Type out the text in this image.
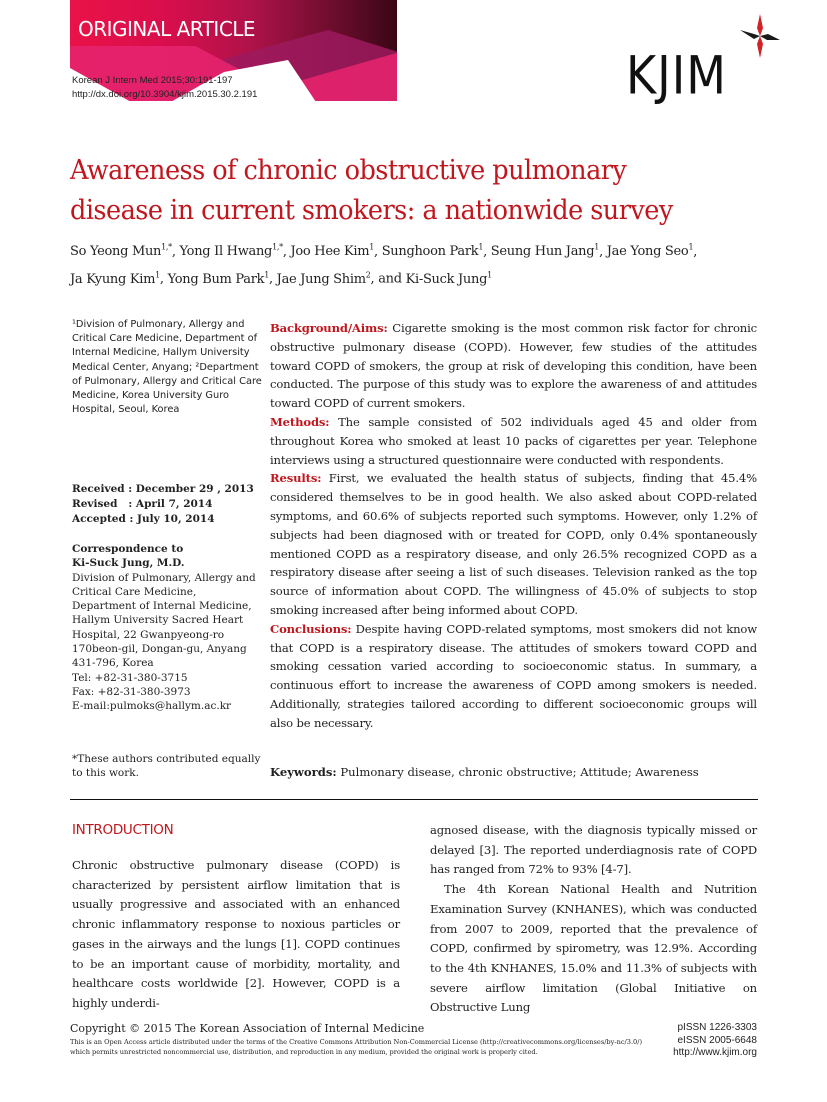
ORIGINAL ARTICLE
Korean J Intern Med 2015;30:191-197
http://dx.doi.org/10.3904/kjim.2015.30.2.191	KJIM
Awareness of chronic obstructive pulmonary
disease in current smokers: a nationwide survey
So Yeong Mun$^{1,*}$, Yong Il Hwang$^{1,*}$, Joo Hee Kim$^1$, Sunghoon Park$^1$, Seung Hun Jang$^1$, Jae Yong Seo$^1$,
Ja Kyung Kim$^1$, Yong Bum Park$^1$, Jae Jung Shim$^2$, and Ki-Suck Jung$^1$
¹Division of Pulmonary, Allergy and Critical Care Medicine, Department of Internal Medicine, Hallym University Medical Center, Anyang; ²Department of Pulmonary, Allergy and Critical Care Medicine, Korea University Guro Hospital, Seoul, Korea
Received : December 29 , 2013
Revised   : April 7, 2014
Accepted : July 10, 2014
Correspondence to
Ki-Suck Jung, M.D.
Division of Pulmonary, Allergy and Critical Care Medicine, Department of Internal Medicine, Hallym University Sacred Heart Hospital, 22 Gwanpyeong-ro 170beon-gil, Dongan-gu, Anyang 431-796, Korea
Tel: +82-31-380-3715
Fax: +82-31-380-3973
E-mail:pulmoks@hallym.ac.kr
*These authors contributed equally to this work.

Background/Aims: Cigarette smoking is the most common risk factor for chronic obstructive pulmonary disease (COPD). However, few studies of the attitudes toward COPD of smokers, the group at risk of developing this condition, have been conducted. The purpose of this study was to explore the awareness of and attitudes toward COPD of current smokers.

Methods: The sample consisted of 502 individuals aged 45 and older from throughout Korea who smoked at least 10 packs of cigarettes per year. Telephone interviews using a structured questionnaire were conducted with respondents.

Results: First, we evaluated the health status of subjects, finding that 45.4% considered themselves to be in good health. We also asked about COPD-related symptoms, and 60.6% of subjects reported such symptoms. However, only 1.2% of subjects had been diagnosed with or treated for COPD, only 0.4% spontaneously mentioned COPD as a respiratory disease, and only 26.5% recognized COPD as a respiratory disease after seeing a list of such diseases. Television ranked as the top source of information about COPD. The willingness of 45.0% of subjects to stop smoking increased after being informed about COPD.

Conclusions: Despite having COPD-related symptoms, most smokers did not know that COPD is a respiratory disease. The attitudes of smokers toward COPD and smoking cessation varied according to socioeconomic status. In summary, a continuous effort to increase the awareness of COPD among smokers is needed. Additionally, strategies tailored according to different socioeconomic groups will also be necessary.

Keywords: Pulmonary disease, chronic obstructive; Attitude; Awareness
INTRODUCTION

Chronic obstructive pulmonary disease (COPD) is characterized by persistent airflow limitation that is usually progressive and associated with an enhanced chronic inflammatory response to noxious particles or gases in the airways and the lungs [1]. COPD continues to be an important cause of morbidity, mortality, and healthcare costs worldwide [2]. However, COPD is a highly underdi-

agnosed disease, with the diagnosis typically missed or delayed [3]. The reported underdiagnosis rate of COPD has ranged from 72% to 93% [4-7].

The 4th Korean National Health and Nutrition Examination Survey (KNHANES), which was conducted from 2007 to 2009, reported that the prevalence of COPD, confirmed by spirometry, was 12.9%. According to the 4th KNHANES, 15.0% and 11.3% of subjects with severe airflow limitation (Global Initiative on Obstructive Lung

Copyright © 2015 The Korean Association of Internal Medicine
This is an Open Access article distributed under the terms of the Creative Commons Attribution Non-Commercial License (http://creativecommons.org/licenses/by-nc/3.0/) which permits unrestricted noncommercial use, distribution, and reproduction in any medium, provided the original work is properly cited.
pISSN 1226-3303
eISSN 2005-6648
http://www.kjim.org
